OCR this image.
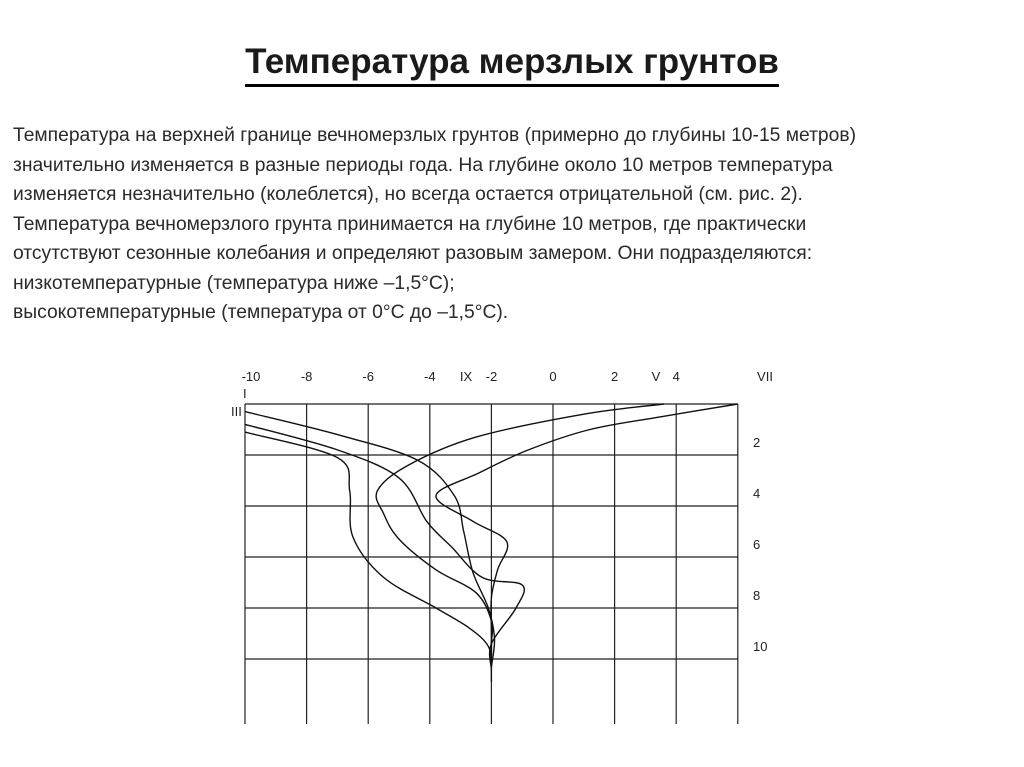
Температура мерзлых грунтов
Температура на верхней границе вечномерзлых грунтов (примерно до глубины 10-15 метров)
значительно изменяется в разные периоды года. На глубине около 10 метров температура
изменяется незначительно (колеблется), но всегда остается отрицательной (см. рис. 2).
Температура вечномерзлого грунта принимается на глубине 10 метров, где практически
отсутствуют сезонные колебания и определяют разовым замером. Они подразделяются:
низкотемпературные (температура ниже –1,5°C);
высокотемпературные (температура от 0°C до –1,5°C).
-10	-8	-6	-4	-2	0	2	4
2
4
6
8
10
I
III
IX	V	VII
